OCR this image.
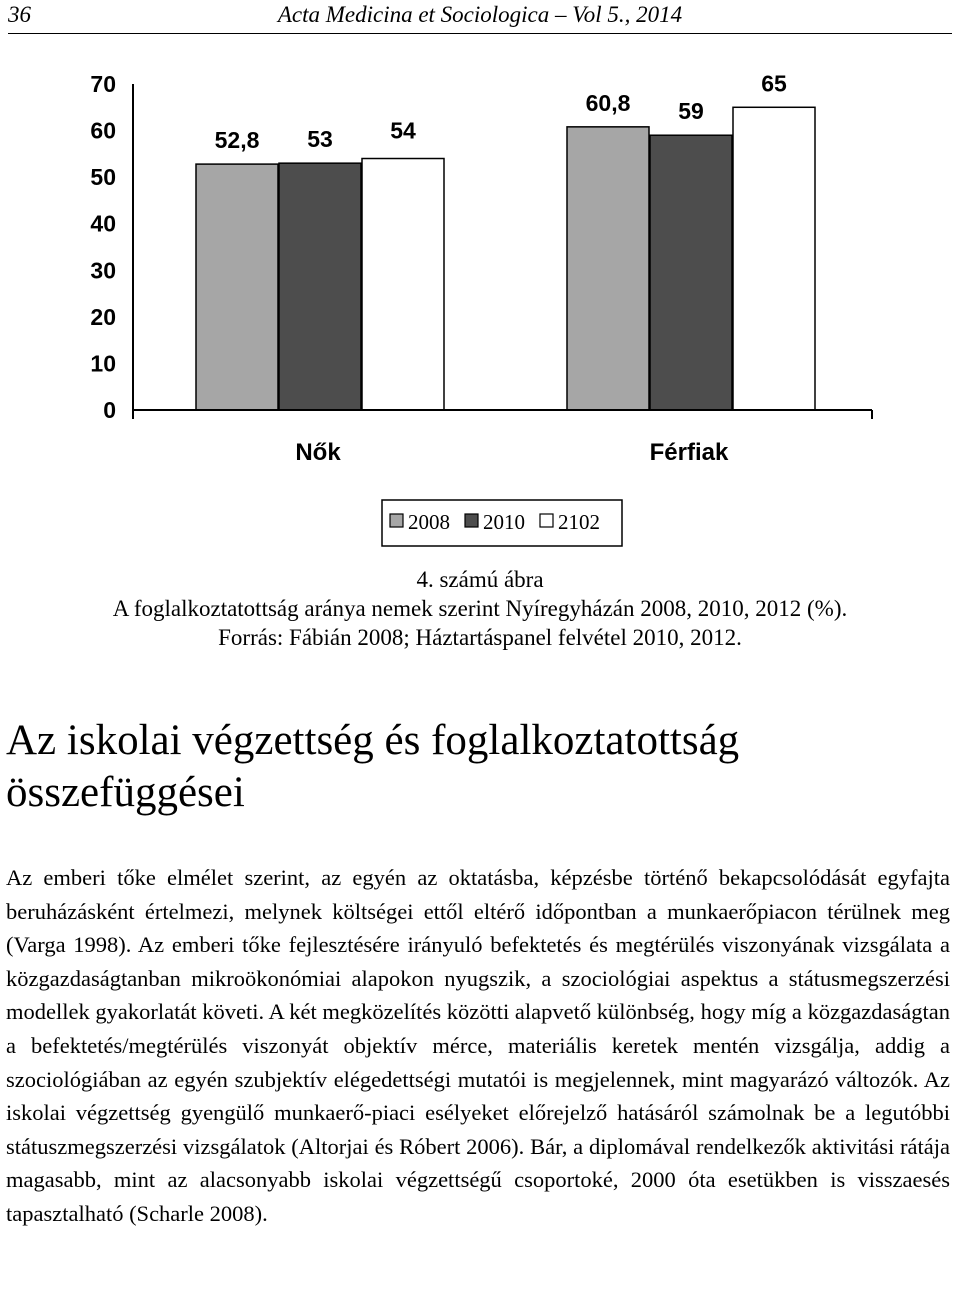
36	Acta Medicina et Sociologica – Vol 5., 2014
0
10
20
30
40
50
60
70
52,8
60,8
53
59
54
65
Nők	Férfiak
2008 2010 2102
4. számú ábra
A foglalkoztatottság aránya nemek szerint Nyíregyházán 2008, 2010, 2012 (%).
Forrás: Fábián 2008; Háztartáspanel felvétel 2010, 2012.
Az iskolai végzettség és foglalkoztatottság összefüggései

Az emberi tőke elmélet szerint, az egyén az oktatásba, képzésbe történő bekapcsolódását egyfajta beruházásként értelmezi, melynek költségei ettől eltérő időpontban a munkaerőpiacon térülnek meg (Varga 1998). Az emberi tőke fejlesztésére irányuló befektetés és megtérülés viszonyának vizsgálata a közgazdaságtanban mikroökonómiai alapokon nyugszik, a szociológiai aspektus a státusmegszerzési modellek gyakorlatát követi. A két megközelítés közötti alapvető különbség, hogy míg a közgazdaságtan a befektetés/megtérülés viszonyát objektív mérce, materiális keretek mentén vizsgálja, addig a szociológiában az egyén szubjektív elégedettségi mutatói is megjelennek, mint magyarázó változók. Az iskolai végzettség gyengülő munkaerő-piaci esélyeket előrejelző hatásáról számolnak be a legutóbbi státuszmegszerzési vizsgálatok (Altorjai és Róbert 2006). Bár, a diplomával rendelkezők aktivitási rátája magasabb, mint az alacsonyabb iskolai végzettségű csoportoké, 2000 óta esetükben is visszaesés tapasztalható (Scharle 2008).
